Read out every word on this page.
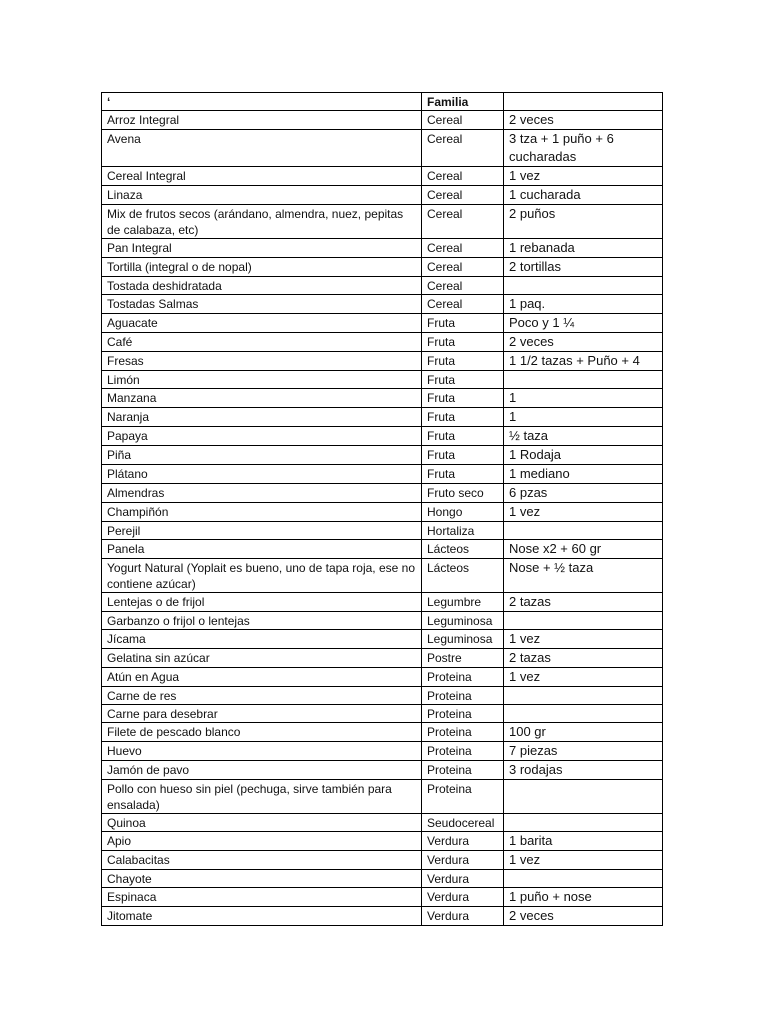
‘	Familia	
Arroz Integral	Cereal	2 veces
Avena	Cereal	3 tza + 1 puño + 6 cucharadas
Cereal Integral	Cereal	1 vez
Linaza	Cereal	1 cucharada
Mix de frutos secos (arándano, almendra, nuez, pepitas de calabaza, etc)	Cereal	2 puños
Pan Integral	Cereal	1 rebanada
Tortilla (integral o de nopal)	Cereal	2 tortillas
Tostada deshidratada	Cereal	
Tostadas Salmas	Cereal	1 paq.
Aguacate	Fruta	Poco y 1 ¼
Café	Fruta	2 veces
Fresas	Fruta	1 1/2 tazas + Puño + 4
Limón	Fruta	
Manzana	Fruta	1
Naranja	Fruta	1
Papaya	Fruta	½ taza
Piña	Fruta	1 Rodaja
Plátano	Fruta	1 mediano
Almendras	Fruto seco	6 pzas
Champiñón	Hongo	1 vez
Perejil	Hortaliza	
Panela	Lácteos	Nose x2 + 60 gr
Yogurt Natural (Yoplait es bueno, uno de tapa roja, ese no contiene azúcar)	Lácteos	Nose + ½ taza
Lentejas o de frijol	Legumbre	2 tazas
Garbanzo o frijol o lentejas	Leguminosa	
Jícama	Leguminosa	1 vez
Gelatina sin azúcar	Postre	2 tazas
Atún en Agua	Proteina	1 vez
Carne de res	Proteina	
Carne para desebrar	Proteina	
Filete de pescado blanco	Proteina	100 gr
Huevo	Proteina	7 piezas
Jamón de pavo	Proteina	3 rodajas
Pollo con hueso sin piel (pechuga, sirve también para ensalada)	Proteina	
Quinoa	Seudocereal	
Apio	Verdura	1 barita
Calabacitas	Verdura	1 vez
Chayote	Verdura	
Espinaca	Verdura	1 puño + nose
Jitomate	Verdura	2 veces
